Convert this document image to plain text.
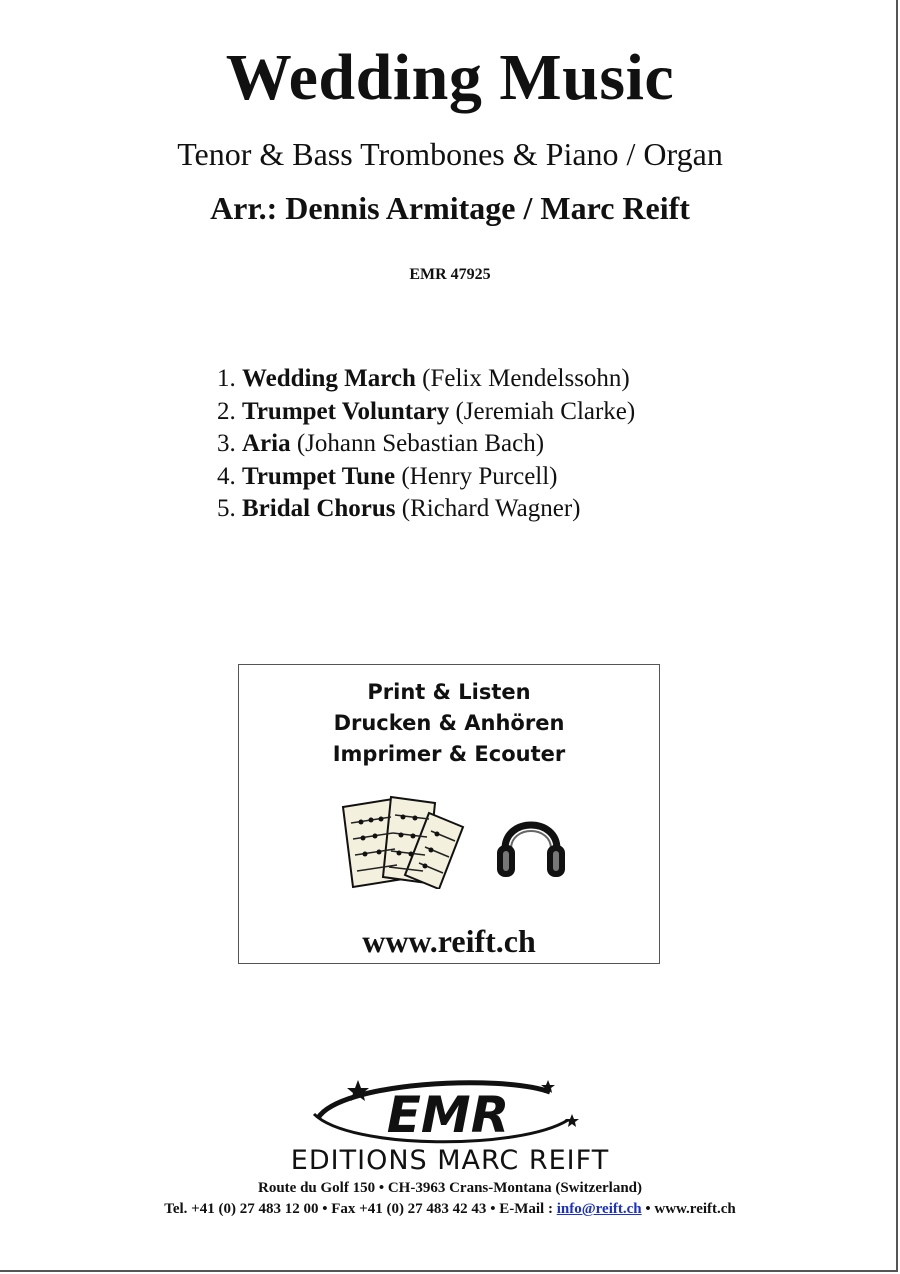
Wedding Music
Tenor & Bass Trombones & Piano / Organ
Arr.: Dennis Armitage / Marc Reift
EMR 47925
1. Wedding March (Felix Mendelssohn)
2. Trumpet Voluntary (Jeremiah Clarke)
3. Aria (Johann Sebastian Bach)
4. Trumpet Tune (Henry Purcell)
5. Bridal Chorus (Richard Wagner)
Print & Listen
Drucken & Anhören
Imprimer & Ecouter
www.reift.ch
EMR
EDITIONS MARC REIFT
Route du Golf 150 • CH-3963 Crans-Montana (Switzerland)
Tel. +41 (0) 27 483 12 00 • Fax +41 (0) 27 483 42 43 • E-Mail : info@reift.ch • www.reift.ch
